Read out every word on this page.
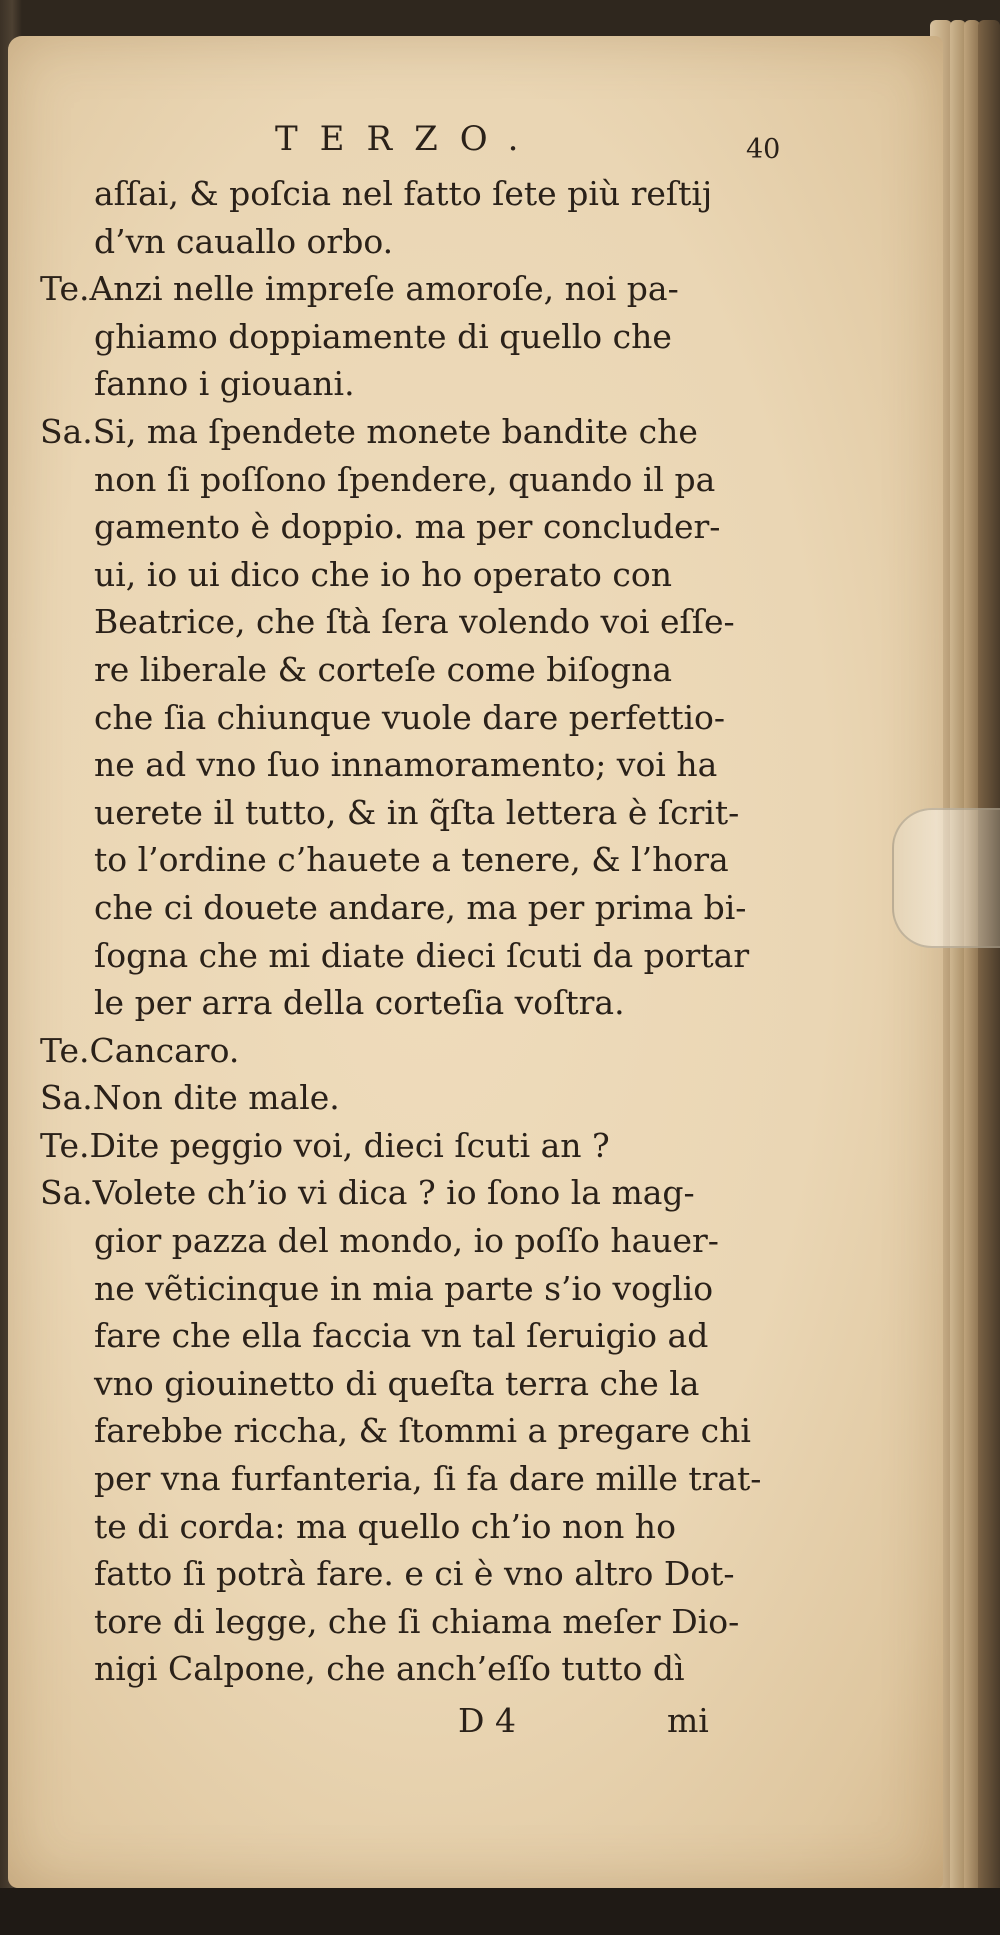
TERZO.	40
aſſai, & poſcia nel fatto ſete più reſtij
d’vn cauallo orbo.
Te.Anzi nelle impreſe amoroſe, noi pa-
ghiamo doppiamente di quello che
fanno i giouani.
Sa.Si, ma ſpendete monete bandite che
non ſi poſſono ſpendere, quando il pa
gamento è doppio. ma per concluder-
ui, io ui dico che io ho operato con
Beatrice, che ſtà ſera volendo voi eſſe-
re liberale & corteſe come biſogna
che ſia chiunque vuole dare perfettio-
ne ad vno ſuo innamoramento; voi ha
uerete il tutto, & in q̃ſta lettera è ſcrit-
to l’ordine c’hauete a tenere, & l’hora
che ci douete andare, ma per prima bi-
ſogna che mi diate dieci ſcuti da portar
le per arra della corteſia voſtra.
Te.Cancaro.
Sa.Non dite male.
Te.Dite peggio voi, dieci ſcuti an ?
Sa.Volete ch’io vi dica ? io ſono la mag-
gior pazza del mondo, io poſſo hauer-
ne vẽticinque in mia parte s’io voglio
fare che ella faccia vn tal ſeruigio ad
vno giouinetto di queſta terra che la
farebbe riccha, & ſtommi a pregare chi
per vna furfanteria, ſi fa dare mille trat-
te di corda: ma quello ch’io non ho
fatto ſi potrà fare. e ci è vno altro Dot-
tore di legge, che ſi chiama meſer Dio-
nigi Calpone, che anch’eſſo tutto dì
D 4	mi
